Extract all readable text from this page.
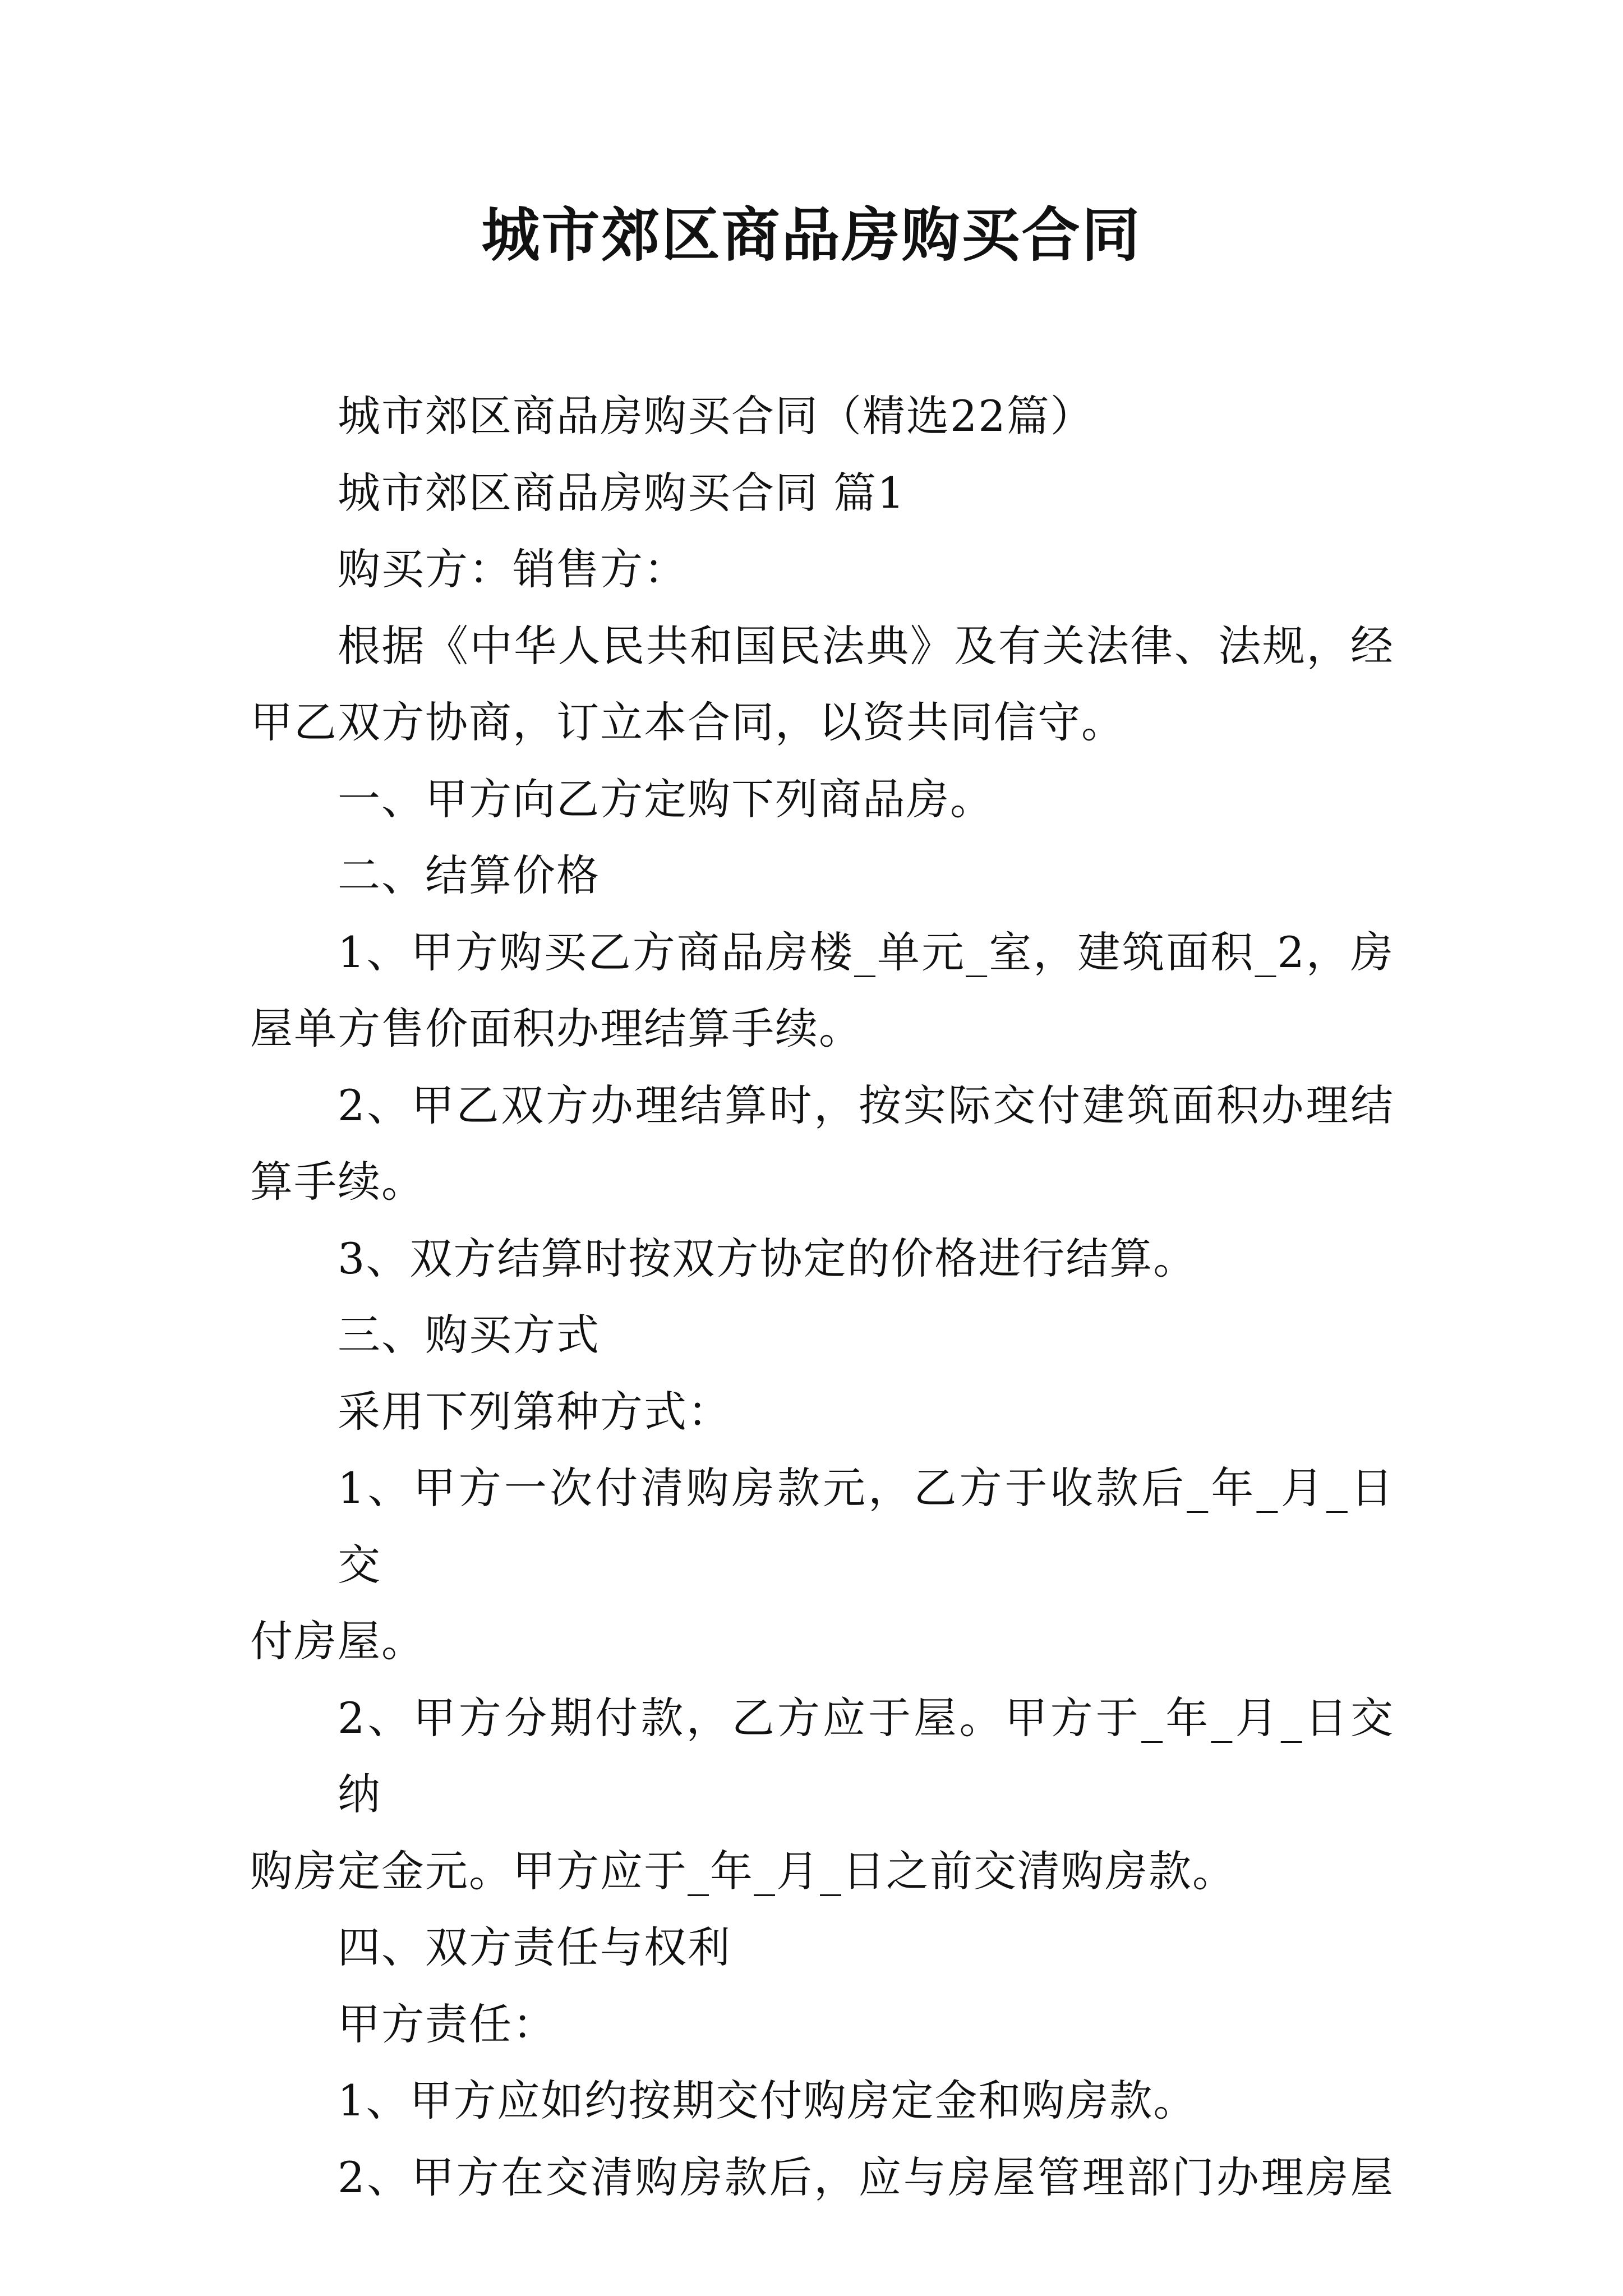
城市郊区商品房购买合同
城市郊区商品房购买合同（精选22篇）
城市郊区商品房购买合同 篇1
购买方：销售方：
根据《中华人民共和国民法典》及有关法律、法规，经
甲乙双方协商，订立本合同，以资共同信守。
一、甲方向乙方定购下列商品房。
二、结算价格
1、甲方购买乙方商品房楼_单元_室，建筑面积_2，房
屋单方售价面积办理结算手续。
2、甲乙双方办理结算时，按实际交付建筑面积办理结
算手续。
3、双方结算时按双方协定的价格进行结算。
三、购买方式
采用下列第种方式：
1、甲方一次付清购房款元，乙方于收款后_年_月_日交
付房屋。
2、甲方分期付款，乙方应于屋。甲方于_年_月_日交纳
购房定金元。甲方应于_年_月_日之前交清购房款。
四、双方责任与权利
甲方责任：
1、甲方应如约按期交付购房定金和购房款。
2、甲方在交清购房款后，应与房屋管理部门办理房屋
